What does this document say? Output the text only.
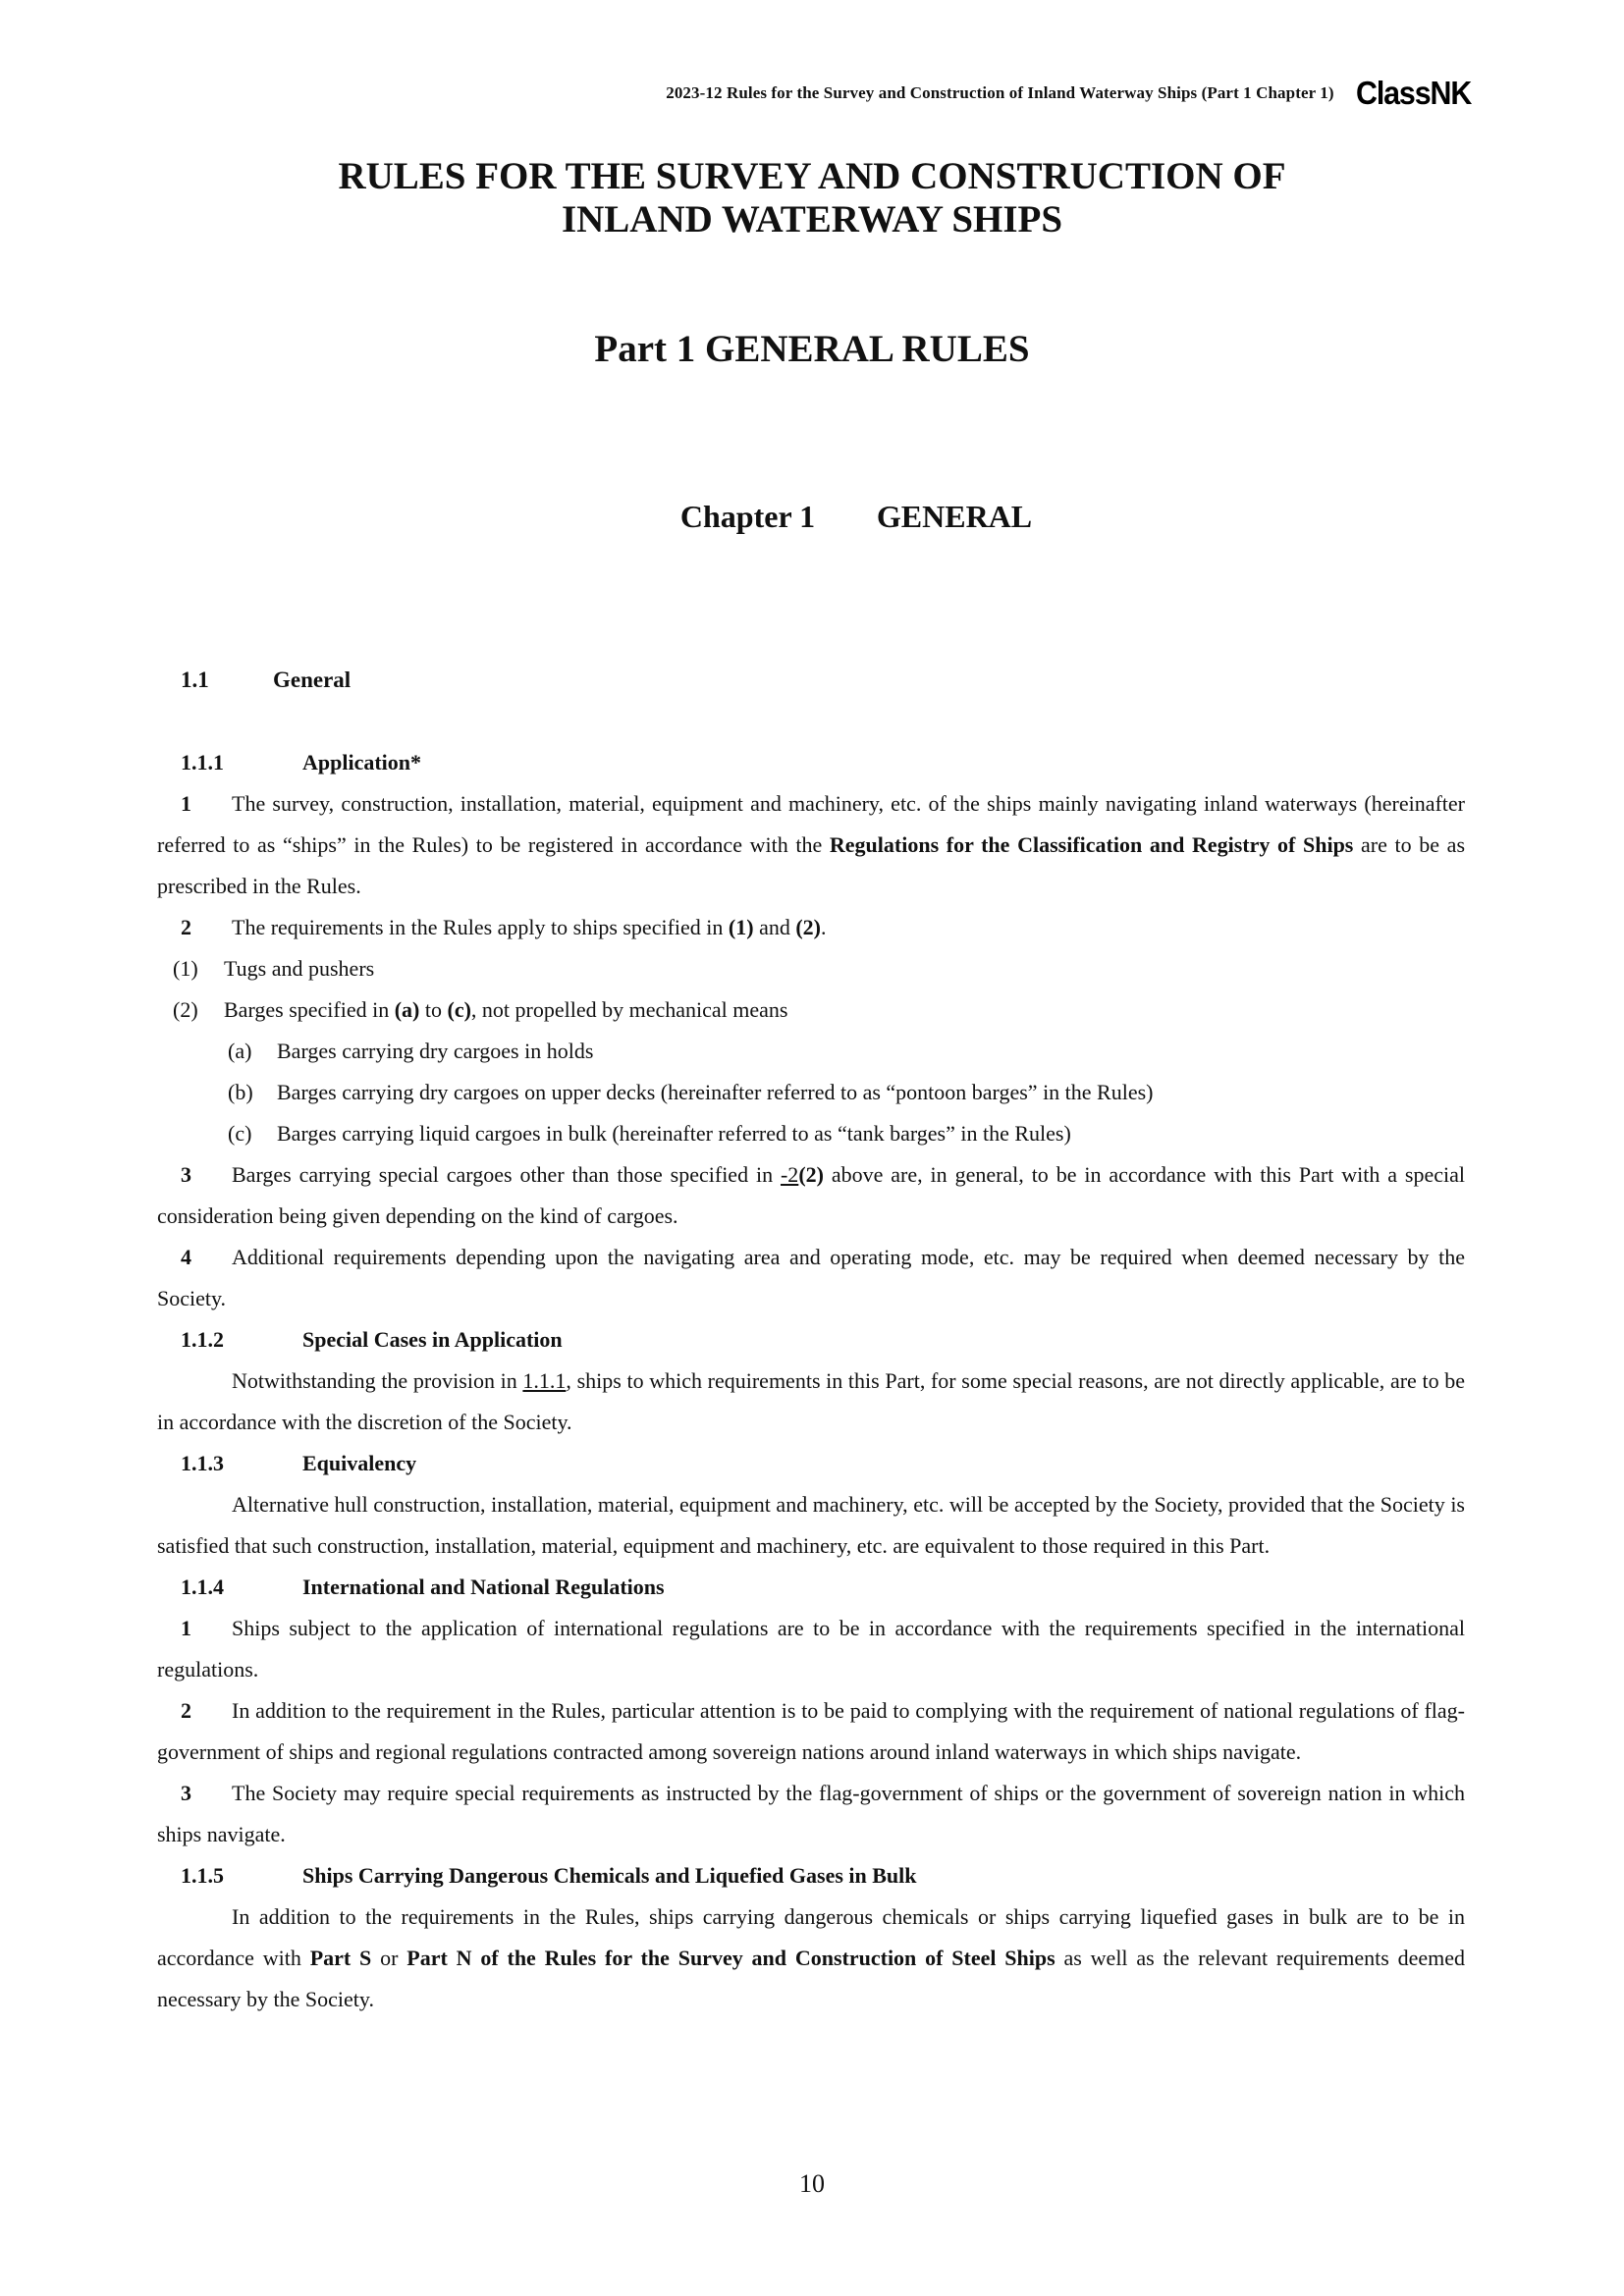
2023-12 Rules for the Survey and Construction of Inland Waterway Ships (Part 1 Chapter 1) ClassNK
RULES FOR THE SURVEY AND CONSTRUCTION OF
INLAND WATERWAY SHIPS
Part 1 GENERAL RULES
Chapter 1 GENERAL
1.1	General
1.1.1	Application*

1 The survey, construction, installation, material, equipment and machinery, etc. of the ships mainly navigating inland waterways (hereinafter referred to as “ships” in the Rules) to be registered in accordance with the Regulations for the Classification and Registry of Ships are to be as prescribed in the Rules.

2 The requirements in the Rules apply to ships specified in (1) and (2).

(1) Tugs and pushers

(2) Barges specified in (a) to (c), not propelled by mechanical means

(a) Barges carrying dry cargoes in holds

(b) Barges carrying dry cargoes on upper decks (hereinafter referred to as “pontoon barges” in the Rules)

(c) Barges carrying liquid cargoes in bulk (hereinafter referred to as “tank barges” in the Rules)

3 Barges carrying special cargoes other than those specified in -2(2) above are, in general, to be in accordance with this Part with a special consideration being given depending on the kind of cargoes.

4 Additional requirements depending upon the navigating area and operating mode, etc. may be required when deemed necessary by the Society.

1.1.2	Special Cases in Application

Notwithstanding the provision in 1.1.1, ships to which requirements in this Part, for some special reasons, are not directly applicable, are to be in accordance with the discretion of the Society.

1.1.3	Equivalency

Alternative hull construction, installation, material, equipment and machinery, etc. will be accepted by the Society, provided that the Society is satisfied that such construction, installation, material, equipment and machinery, etc. are equivalent to those required in this Part.

1.1.4	International and National Regulations

1 Ships subject to the application of international regulations are to be in accordance with the requirements specified in the international regulations.

2 In addition to the requirement in the Rules, particular attention is to be paid to complying with the requirement of national regulations of flag-government of ships and regional regulations contracted among sovereign nations around inland waterways in which ships navigate.

3 The Society may require special requirements as instructed by the flag-government of ships or the government of sovereign nation in which ships navigate.

1.1.5	Ships Carrying Dangerous Chemicals and Liquefied Gases in Bulk

In addition to the requirements in the Rules, ships carrying dangerous chemicals or ships carrying liquefied gases in bulk are to be in accordance with Part S or Part N of the Rules for the Survey and Construction of Steel Ships as well as the relevant requirements deemed necessary by the Society.

10
